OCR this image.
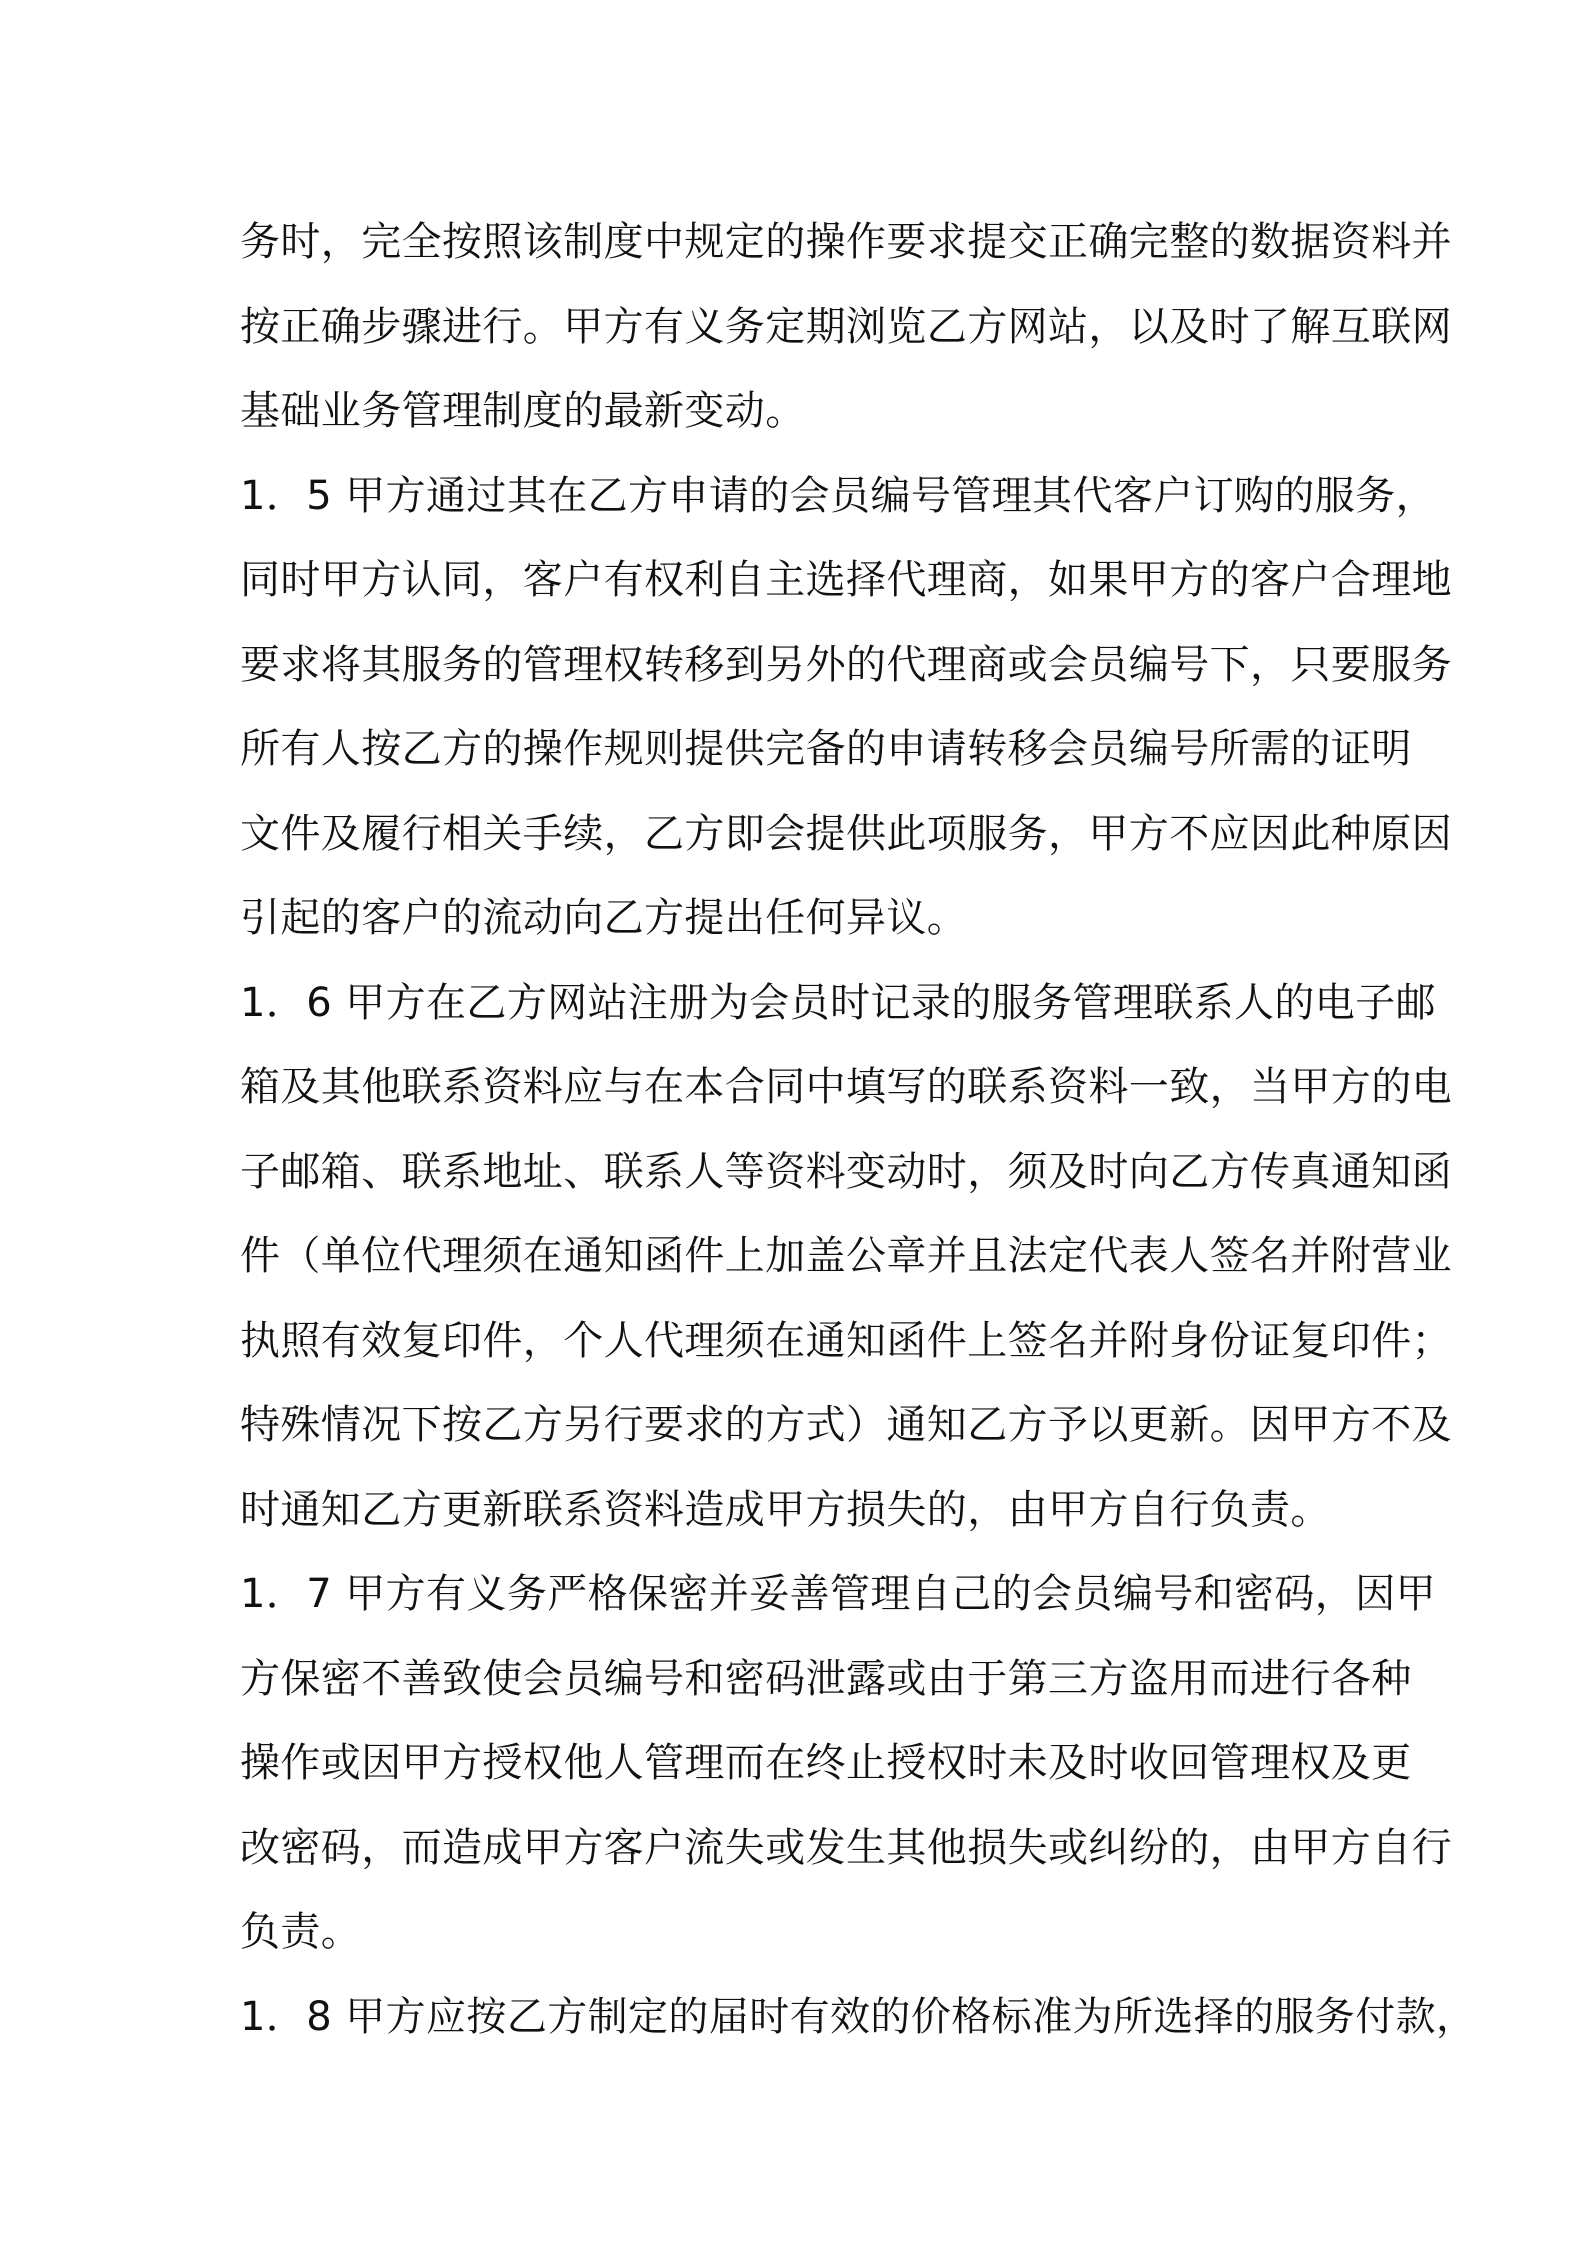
务时，完全按照该制度中规定的操作要求提交正确完整的数据资料并
按正确步骤进行。甲方有义务定期浏览乙方网站，以及时了解互联网
基础业务管理制度的最新变动。
1．5 甲方通过其在乙方申请的会员编号管理其代客户订购的服务，
同时甲方认同，客户有权利自主选择代理商，如果甲方的客户合理地
要求将其服务的管理权转移到另外的代理商或会员编号下，只要服务
所有人按乙方的操作规则提供完备的申请转移会员编号所需的证明
文件及履行相关手续，乙方即会提供此项服务，甲方不应因此种原因
引起的客户的流动向乙方提出任何异议。
1．6 甲方在乙方网站注册为会员时记录的服务管理联系人的电子邮
箱及其他联系资料应与在本合同中填写的联系资料一致，当甲方的电
子邮箱、联系地址、联系人等资料变动时，须及时向乙方传真通知函
件（单位代理须在通知函件上加盖公章并且法定代表人签名并附营业
执照有效复印件，个人代理须在通知函件上签名并附身份证复印件；
特殊情况下按乙方另行要求的方式）通知乙方予以更新。因甲方不及
时通知乙方更新联系资料造成甲方损失的，由甲方自行负责。
1．7 甲方有义务严格保密并妥善管理自己的会员编号和密码，因甲
方保密不善致使会员编号和密码泄露或由于第三方盗用而进行各种
操作或因甲方授权他人管理而在终止授权时未及时收回管理权及更
改密码，而造成甲方客户流失或发生其他损失或纠纷的，由甲方自行
负责。
1．8 甲方应按乙方制定的届时有效的价格标准为所选择的服务付款，
